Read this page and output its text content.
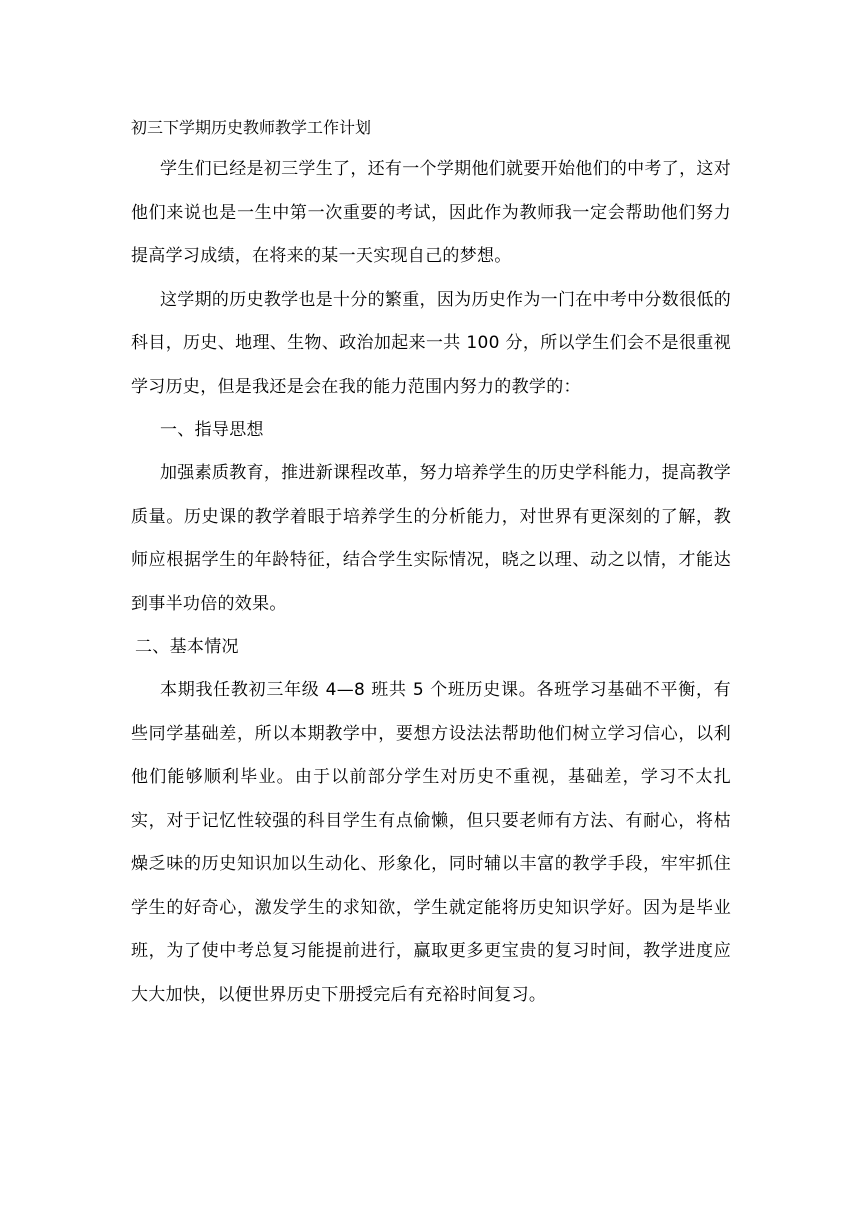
初三下学期历史教师教学工作计划

学生们已经是初三学生了，还有一个学期他们就要开始他们的中考了，这对他们来说也是一生中第一次重要的考试，因此作为教师我一定会帮助他们努力提高学习成绩，在将来的某一天实现自己的梦想。

这学期的历史教学也是十分的繁重，因为历史作为一门在中考中分数很低的科目，历史、地理、生物、政治加起来一共 100 分，所以学生们会不是很重视学习历史，但是我还是会在我的能力范围内努力的教学的：

一、指导思想

加强素质教育，推进新课程改革，努力培养学生的历史学科能力，提高教学质量。历史课的教学着眼于培养学生的分析能力，对世界有更深刻的了解，教师应根据学生的年龄特征，结合学生实际情况，晓之以理、动之以情，才能达到事半功倍的效果。

二、基本情况

本期我任教初三年级 4—8 班共 5 个班历史课。各班学习基础不平衡，有些同学基础差，所以本期教学中，要想方设法法帮助他们树立学习信心，以利他们能够顺利毕业。由于以前部分学生对历史不重视，基础差，学习不太扎实，对于记忆性较强的科目学生有点偷懒，但只要老师有方法、有耐心，将枯燥乏味的历史知识加以生动化、形象化，同时辅以丰富的教学手段，牢牢抓住学生的好奇心，激发学生的求知欲，学生就定能将历史知识学好。因为是毕业班，为了使中考总复习能提前进行，赢取更多更宝贵的复习时间，教学进度应大大加快，以便世界历史下册授完后有充裕时间复习。
